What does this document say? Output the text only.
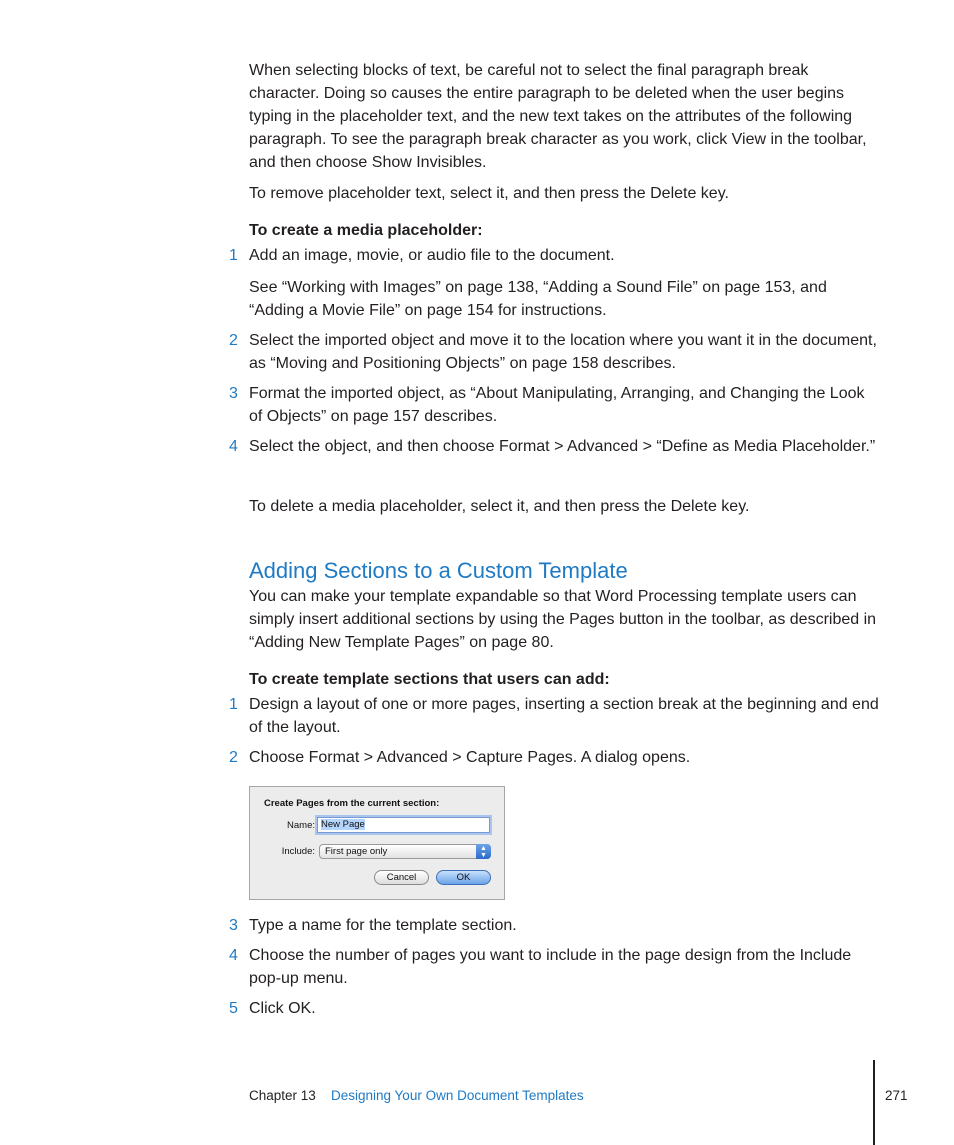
When selecting blocks of text, be careful not to select the final paragraph break character. Doing so causes the entire paragraph to be deleted when the user begins typing in the placeholder text, and the new text takes on the attributes of the following paragraph. To see the paragraph break character as you work, click View in the toolbar, and then choose Show Invisibles.

To remove placeholder text, select it, and then press the Delete key.

To create a media placeholder:
1 Add an image, movie, or audio file to the document.

See “Working with Images” on page 138, “Adding a Sound File” on page 153, and “Adding a Movie File” on page 154 for instructions.

2 Select the imported object and move it to the location where you want it in the document, as “Moving and Positioning Objects” on page 158 describes.

3 Format the imported object, as “About Manipulating, Arranging, and Changing the Look of Objects” on page 157 describes.

4 Select the object, and then choose Format > Advanced > “Define as Media Placeholder.”

To delete a media placeholder, select it, and then press the Delete key.

Adding Sections to a Custom Template

You can make your template expandable so that Word Processing template users can simply insert additional sections by using the Pages button in the toolbar, as described in “Adding New Template Pages” on page 80.

To create template sections that users can add:
1 Design a layout of one or more pages, inserting a section break at the beginning and end of the layout.

2 Choose Format > Advanced > Capture Pages. A dialog opens.

Create Pages from the current section:
Name: New Page
Include:	First page only	▲
▼
Cancel	OK
3 Type a name for the template section.

4 Choose the number of pages you want to include in the page design from the Include pop-up menu.

5 Click OK.

Chapter 13 Designing Your Own Document Templates	271
